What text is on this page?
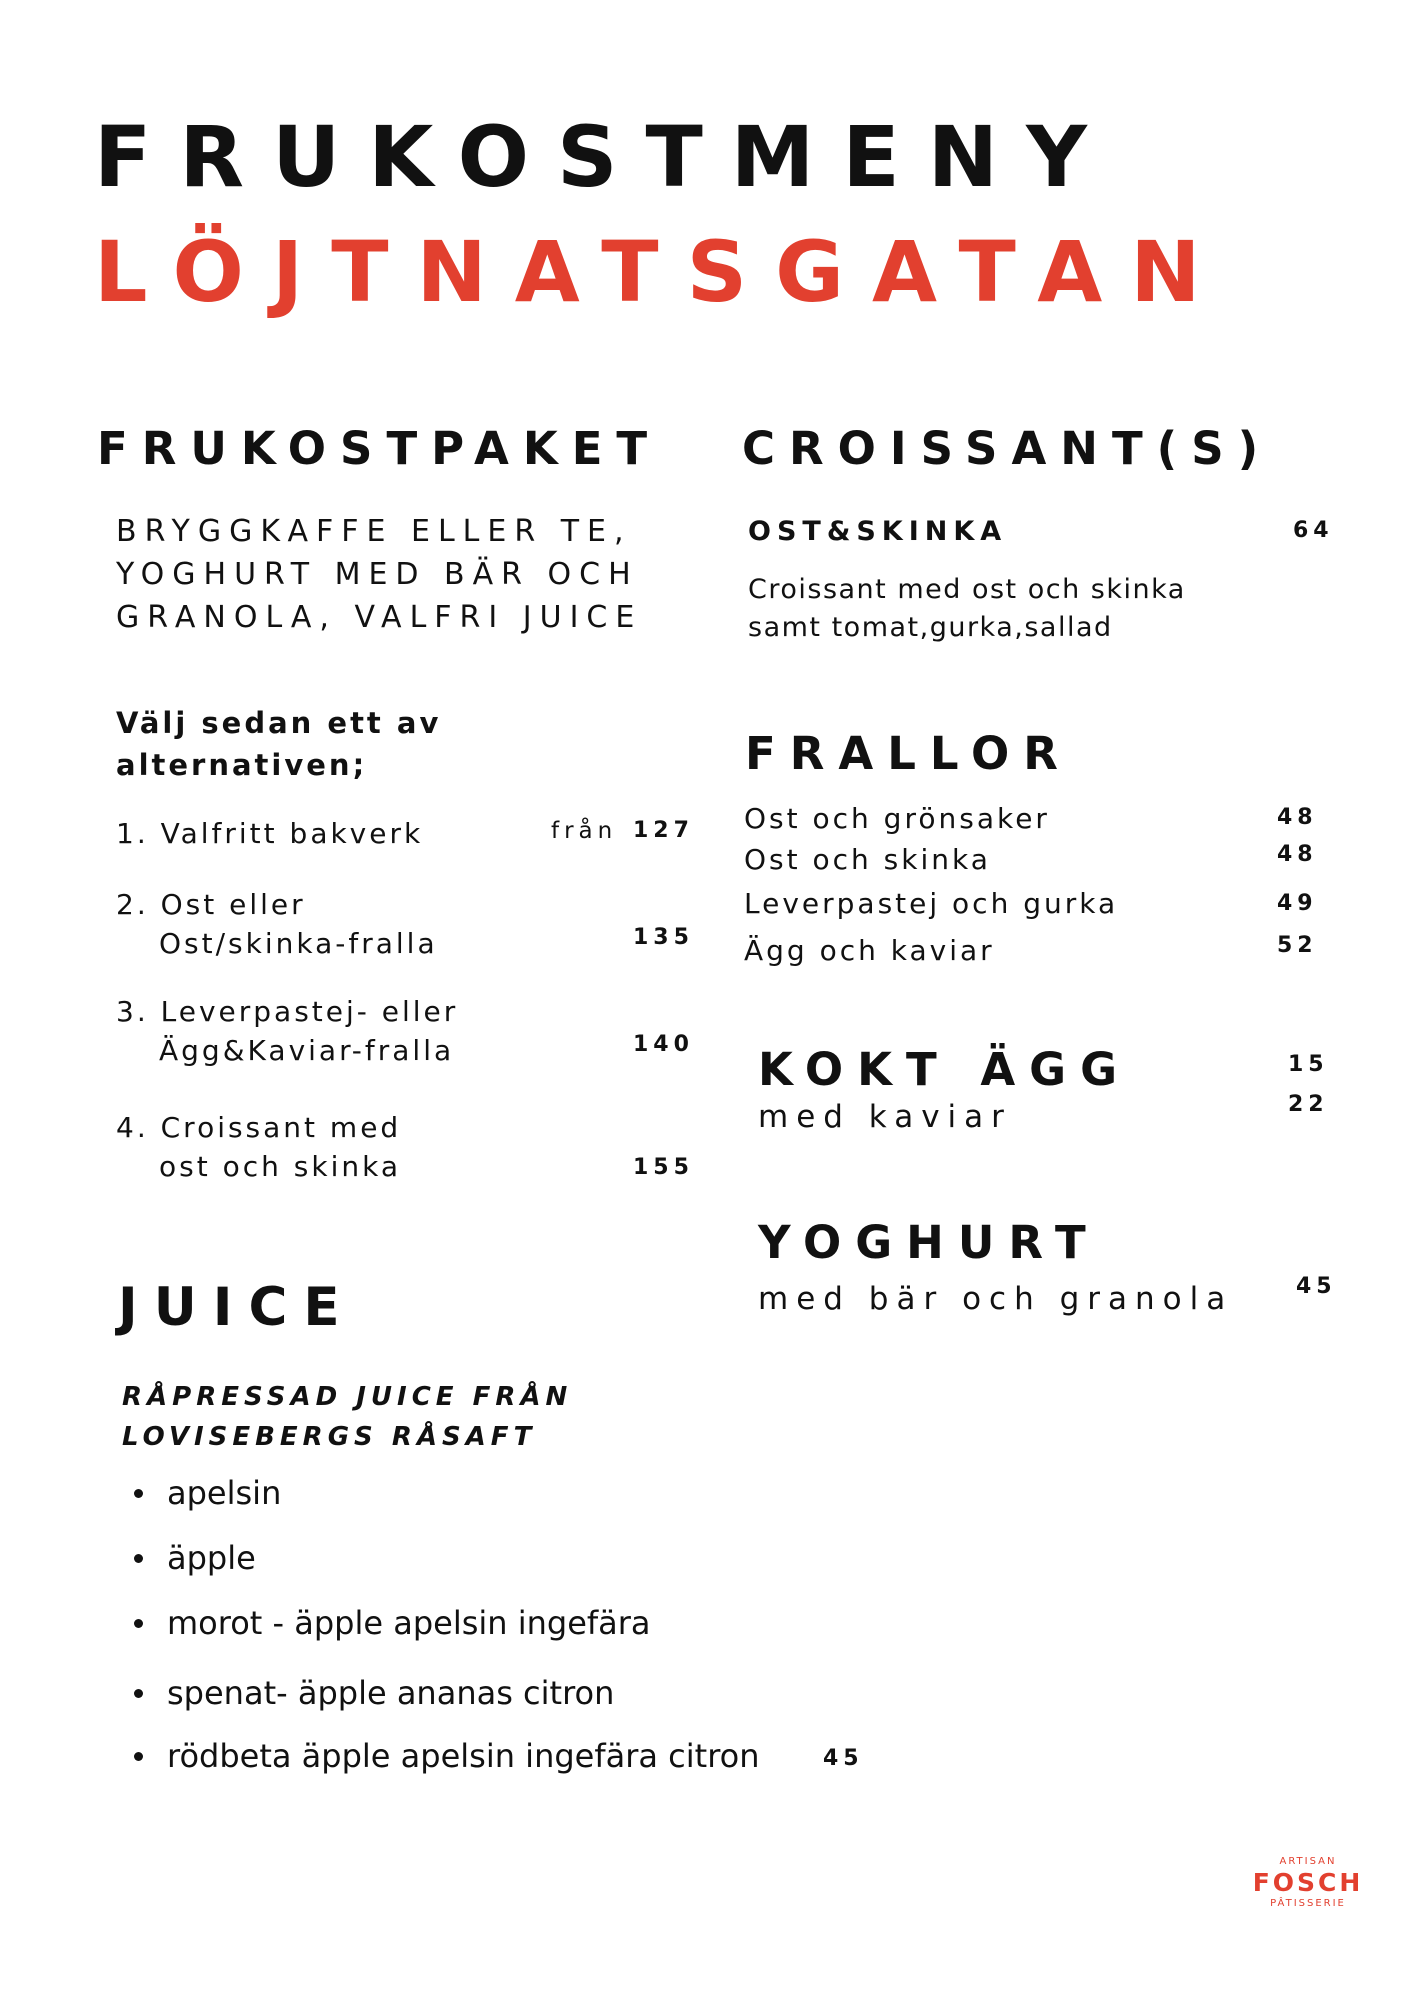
FRUKOSTMENY
LÖJTNATSGATAN
FRUKOSTPAKET
BRYGGKAFFE ELLER TE,
YOGHURT MED BÄR OCH
GRANOLA, VALFRI JUICE
Välj sedan ett av
alternativen;
1. Valfritt bakverk	från 127
2. Ost eller
Ost/skinka-fralla	135
3. Leverpastej- eller
Ägg&Kaviar-fralla	140
4. Croissant med
ost och skinka	155
CROISSANT(S)
OST&SKINKA	64
Croissant med ost och skinka
samt tomat,gurka,sallad
FRALLOR
Ost och grönsaker	48
Ost och skinka	48
Leverpastej och gurka	49
Ägg och kaviar	52
KOKT ÄGG	15
med kaviar	22
YOGHURT
med bär och granola	45
JUICE
RÅPRESSAD JUICE FRÅN
LOVISEBERGS RÅSAFT
apelsin
äpple
morot - äpple apelsin ingefära
spenat- äpple ananas citron
rödbeta äpple apelsin ingefära citron	45
ARTISAN
FOSCH
PÂTISSERIE
